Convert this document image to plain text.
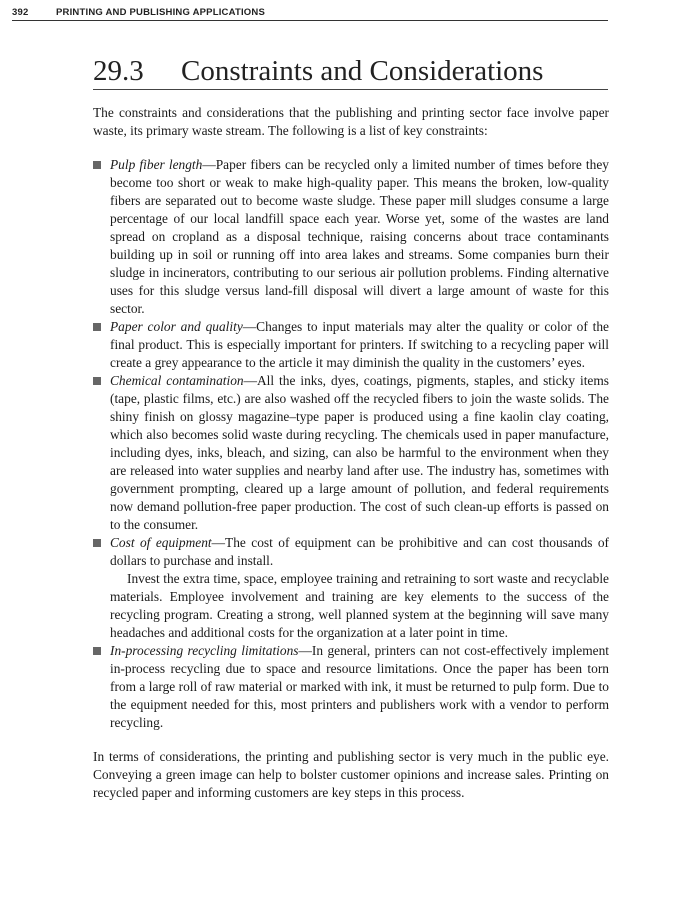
392	PRINTING AND PUBLISHING APPLICATIONS
29.3 Constraints and Considerations

The constraints and considerations that the publishing and printing sector face involve paper waste, its primary waste stream. The following is a list of key constraints:

Pulp fiber length—Paper fibers can be recycled only a limited number of times before they become too short or weak to make high-quality paper. This means the broken, low-quality fibers are separated out to become waste sludge. These paper mill sludges consume a large percentage of our local landfill space each year. Worse yet, some of the wastes are land spread on cropland as a disposal technique, raising concerns about trace contaminants building up in soil or running off into area lakes and streams. Some companies burn their sludge in incinerators, contributing to our serious air pollution problems. Finding alternative uses for this sludge versus land-fill disposal will divert a large amount of waste for this sector.
Paper color and quality—Changes to input materials may alter the quality or color of the final product. This is especially important for printers. If switching to a recycling paper will create a grey appearance to the article it may diminish the quality in the customers’ eyes.
Chemical contamination—All the inks, dyes, coatings, pigments, staples, and sticky items (tape, plastic films, etc.) are also washed off the recycled fibers to join the waste solids. The shiny finish on glossy magazine–type paper is produced using a fine kaolin clay coating, which also becomes solid waste during recycling. The chemicals used in paper manufacture, including dyes, inks, bleach, and sizing, can also be harmful to the environment when they are released into water supplies and nearby land after use. The industry has, sometimes with government prompting, cleared up a large amount of pollution, and federal requirements now demand pollution-free paper production. The cost of such clean-up efforts is passed on to the consumer.
Cost of equipment—The cost of equipment can be prohibitive and can cost thousands of dollars to purchase and install.

Invest the extra time, space, employee training and retraining to sort waste and recyclable materials. Employee involvement and training are key elements to the success of the recycling program. Creating a strong, well planned system at the beginning will save many headaches and additional costs for the organization at a later point in time.

In-processing recycling limitations—In general, printers can not cost-effectively implement in-process recycling due to space and resource limitations. Once the paper has been torn from a large roll of raw material or marked with ink, it must be returned to pulp form. Due to the equipment needed for this, most printers and publishers work with a vendor to perform recycling.

In terms of considerations, the printing and publishing sector is very much in the public eye. Conveying a green image can help to bolster customer opinions and increase sales. Printing on recycled paper and informing customers are key steps in this process.
